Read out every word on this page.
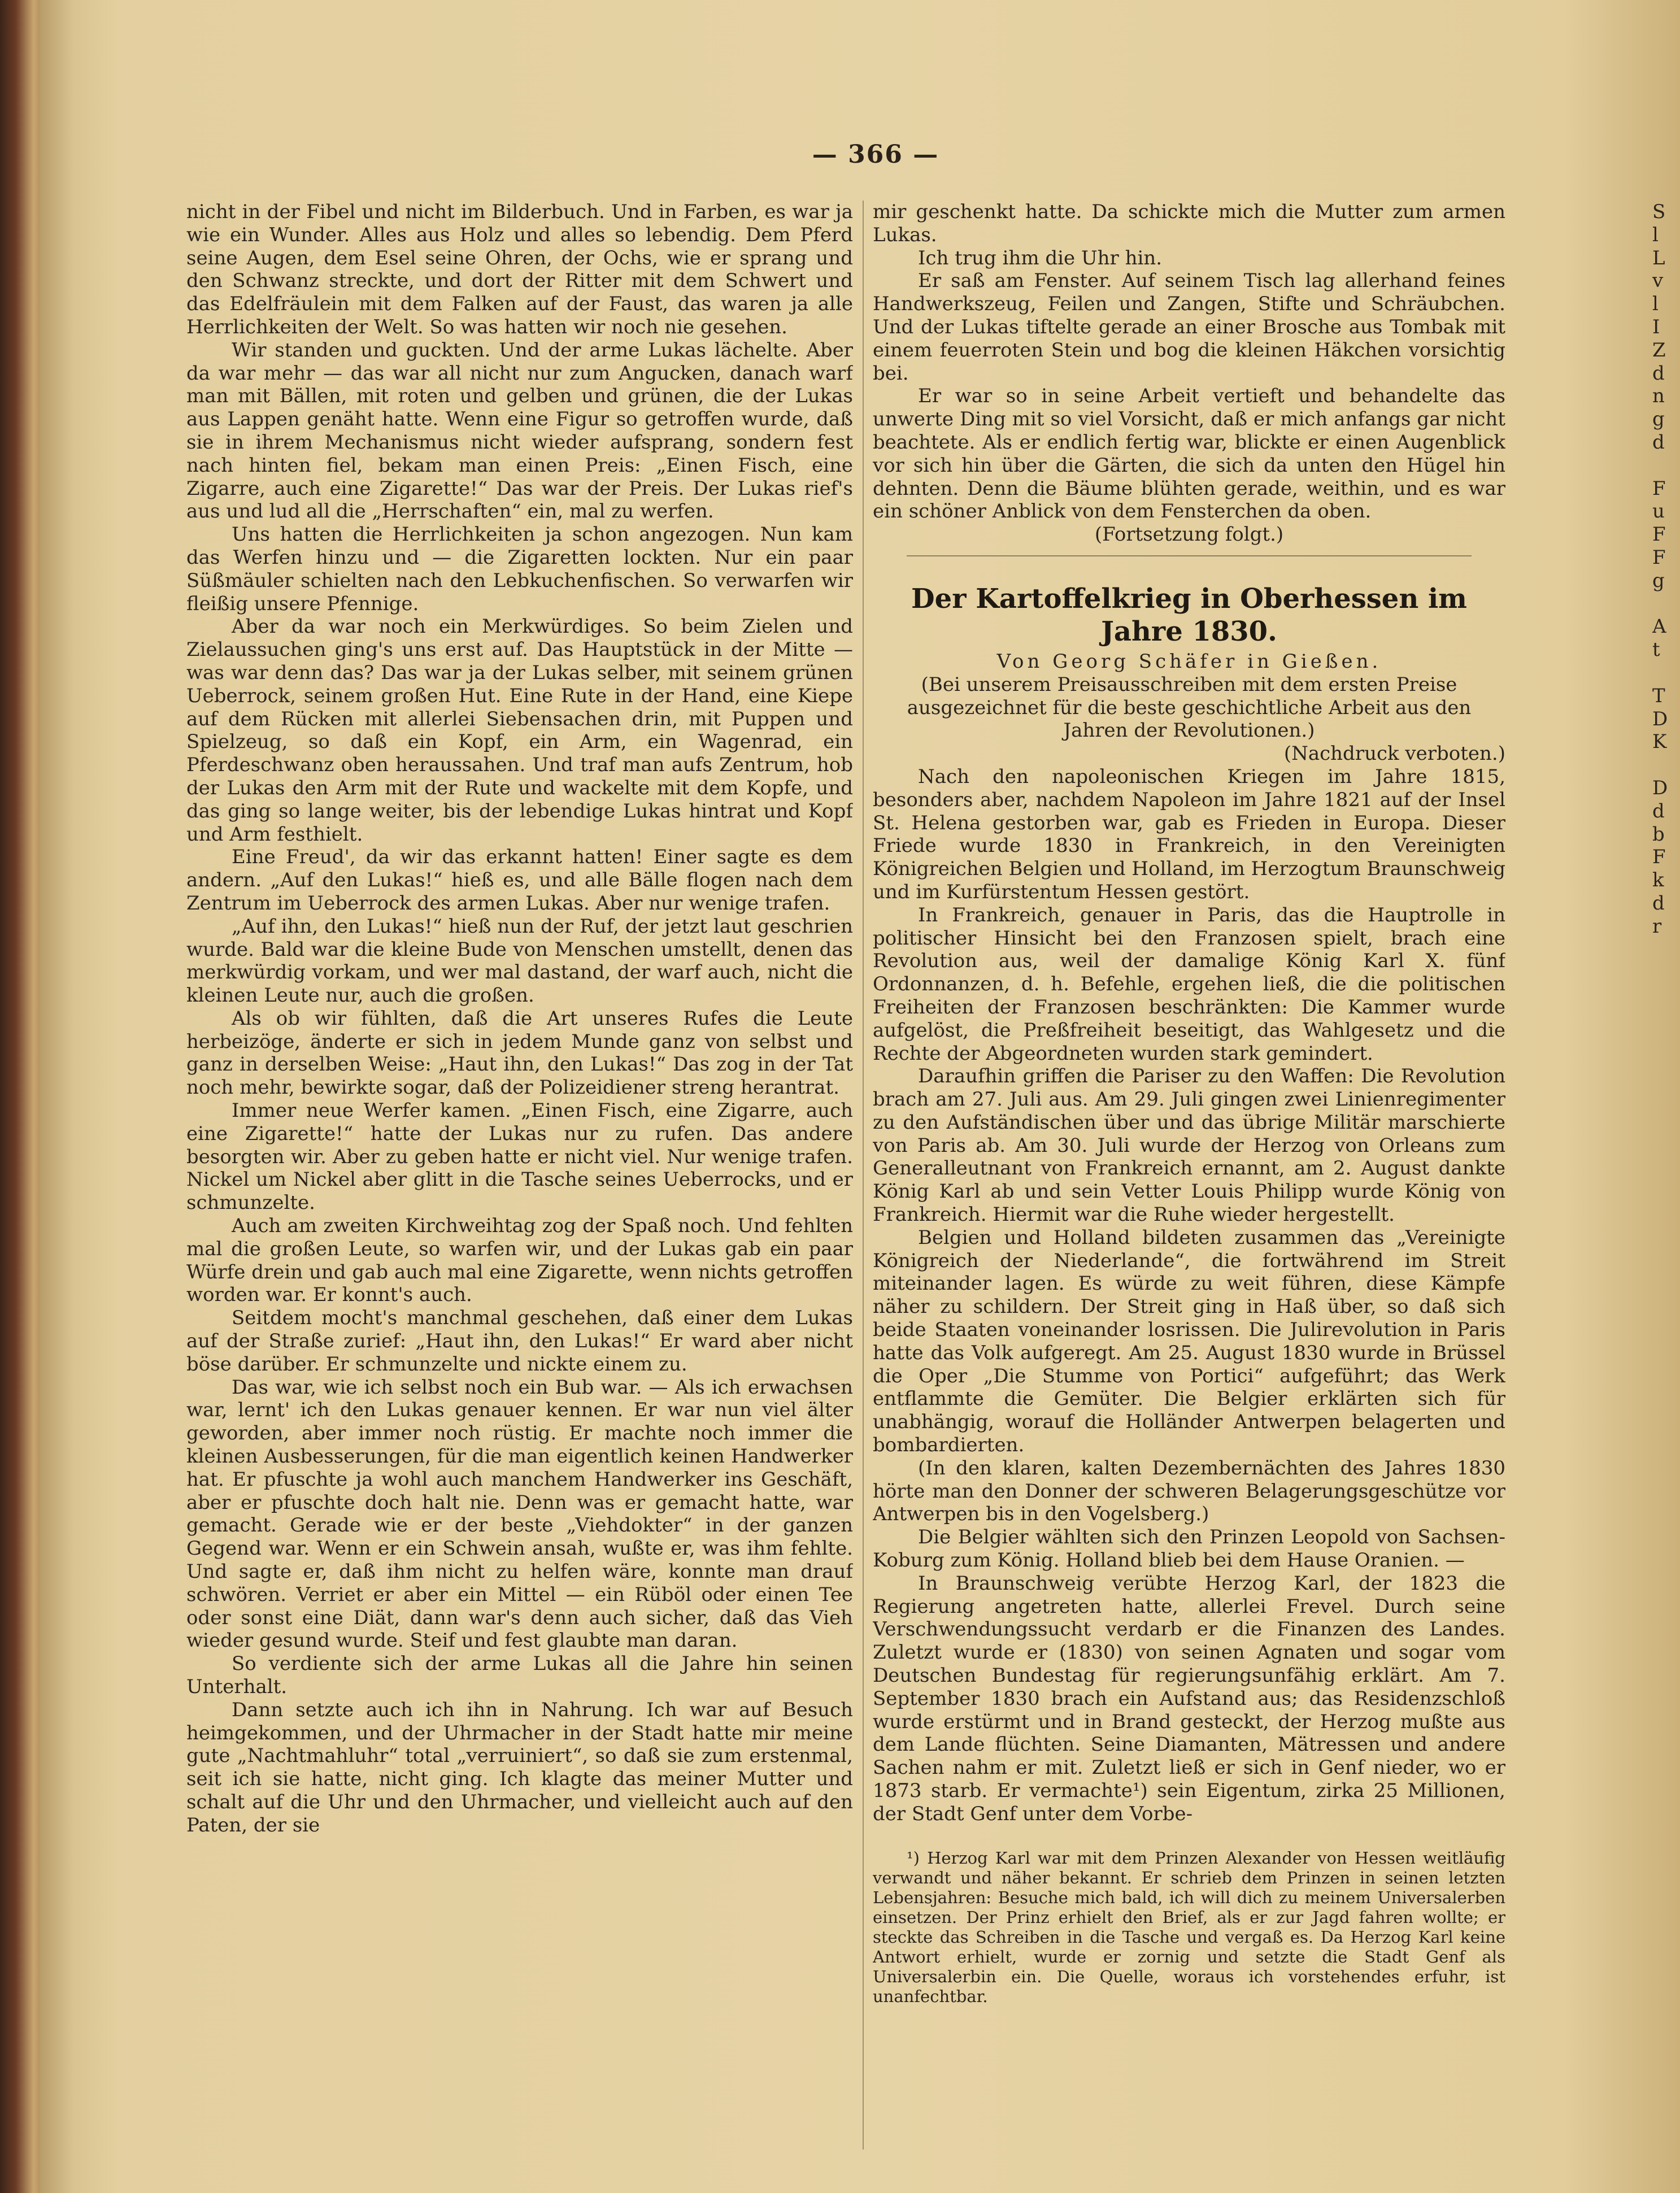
— 366 —

nicht in der Fibel und nicht im Bilderbuch. Und in Farben, es war ja wie ein Wunder. Alles aus Holz und alles so lebendig. Dem Pferd seine Augen, dem Esel seine Ohren, der Ochs, wie er sprang und den Schwanz streckte, und dort der Ritter mit dem Schwert und das Edelfräulein mit dem Falken auf der Faust, das waren ja alle Herrlichkeiten der Welt. So was hatten wir noch nie gesehen.

Wir standen und guckten. Und der arme Lukas lächelte. Aber da war mehr — das war all nicht nur zum Angucken, danach warf man mit Bällen, mit roten und gelben und grünen, die der Lukas aus Lappen genäht hatte. Wenn eine Figur so getroffen wurde, daß sie in ihrem Mechanismus nicht wieder aufsprang, sondern fest nach hinten fiel, bekam man einen Preis: „Einen Fisch, eine Zigarre, auch eine Zigarette!“ Das war der Preis. Der Lukas rief's aus und lud all die „Herrschaften“ ein, mal zu werfen.

Uns hatten die Herrlichkeiten ja schon angezogen. Nun kam das Werfen hinzu und — die Zigaretten lockten. Nur ein paar Süßmäuler schielten nach den Lebkuchenfischen. So verwarfen wir fleißig unsere Pfennige.

Aber da war noch ein Merkwürdiges. So beim Zielen und Zielaussuchen ging's uns erst auf. Das Hauptstück in der Mitte — was war denn das? Das war ja der Lukas selber, mit seinem grünen Ueberrock, seinem großen Hut. Eine Rute in der Hand, eine Kiepe auf dem Rücken mit allerlei Siebensachen drin, mit Puppen und Spielzeug, so daß ein Kopf, ein Arm, ein Wagenrad, ein Pferdeschwanz oben heraussahen. Und traf man aufs Zentrum, hob der Lukas den Arm mit der Rute und wackelte mit dem Kopfe, und das ging so lange weiter, bis der lebendige Lukas hintrat und Kopf und Arm festhielt.

Eine Freud', da wir das erkannt hatten! Einer sagte es dem andern. „Auf den Lukas!“ hieß es, und alle Bälle flogen nach dem Zentrum im Ueberrock des armen Lukas. Aber nur wenige trafen.

„Auf ihn, den Lukas!“ hieß nun der Ruf, der jetzt laut geschrien wurde. Bald war die kleine Bude von Menschen umstellt, denen das merkwürdig vorkam, und wer mal dastand, der warf auch, nicht die kleinen Leute nur, auch die großen.

Als ob wir fühlten, daß die Art unseres Rufes die Leute herbeizöge, änderte er sich in jedem Munde ganz von selbst und ganz in derselben Weise: „Haut ihn, den Lukas!“ Das zog in der Tat noch mehr, bewirkte sogar, daß der Polizeidiener streng herantrat.

Immer neue Werfer kamen. „Einen Fisch, eine Zigarre, auch eine Zigarette!“ hatte der Lukas nur zu rufen. Das andere besorgten wir. Aber zu geben hatte er nicht viel. Nur wenige trafen. Nickel um Nickel aber glitt in die Tasche seines Ueberrocks, und er schmunzelte.

Auch am zweiten Kirchweihtag zog der Spaß noch. Und fehlten mal die großen Leute, so warfen wir, und der Lukas gab ein paar Würfe drein und gab auch mal eine Zigarette, wenn nichts getroffen worden war. Er konnt's auch.

Seitdem mocht's manchmal geschehen, daß einer dem Lukas auf der Straße zurief: „Haut ihn, den Lukas!“ Er ward aber nicht böse darüber. Er schmunzelte und nickte einem zu.

Das war, wie ich selbst noch ein Bub war. — Als ich erwachsen war, lernt' ich den Lukas genauer kennen. Er war nun viel älter geworden, aber immer noch rüstig. Er machte noch immer die kleinen Ausbesserungen, für die man eigentlich keinen Handwerker hat. Er pfuschte ja wohl auch manchem Handwerker ins Geschäft, aber er pfuschte doch halt nie. Denn was er gemacht hatte, war gemacht. Gerade wie er der beste „Viehdokter“ in der ganzen Gegend war. Wenn er ein Schwein ansah, wußte er, was ihm fehlte. Und sagte er, daß ihm nicht zu helfen wäre, konnte man drauf schwören. Verriet er aber ein Mittel — ein Rüböl oder einen Tee oder sonst eine Diät, dann war's denn auch sicher, daß das Vieh wieder gesund wurde. Steif und fest glaubte man daran.

So verdiente sich der arme Lukas all die Jahre hin seinen Unterhalt.

Dann setzte auch ich ihn in Nahrung. Ich war auf Besuch heimgekommen, und der Uhrmacher in der Stadt hatte mir meine gute „Nachtmahluhr“ total „verruiniert“, so daß sie zum erstenmal, seit ich sie hatte, nicht ging. Ich klagte das meiner Mutter und schalt auf die Uhr und den Uhrmacher, und vielleicht auch auf den Paten, der sie

mir geschenkt hatte. Da schickte mich die Mutter zum armen Lukas.

Ich trug ihm die Uhr hin.

Er saß am Fenster. Auf seinem Tisch lag allerhand feines Handwerkszeug, Feilen und Zangen, Stifte und Schräubchen. Und der Lukas tiftelte gerade an einer Brosche aus Tombak mit einem feuerroten Stein und bog die kleinen Häkchen vorsichtig bei.

Er war so in seine Arbeit vertieft und behandelte das unwerte Ding mit so viel Vorsicht, daß er mich anfangs gar nicht beachtete. Als er endlich fertig war, blickte er einen Augenblick vor sich hin über die Gärten, die sich da unten den Hügel hin dehnten. Denn die Bäume blühten gerade, weithin, und es war ein schöner Anblick von dem Fensterchen da oben.

(Fortsetzung folgt.)

Der Kartoffelkrieg in Oberhessen im Jahre 1830.

Von Georg Schäfer in Gießen.

(Bei unserem Preisausschreiben mit dem ersten Preise ausgezeichnet für die beste geschichtliche Arbeit aus den Jahren der Revolutionen.)

(Nachdruck verboten.)

Nach den napoleonischen Kriegen im Jahre 1815, besonders aber, nachdem Napoleon im Jahre 1821 auf der Insel St. Helena gestorben war, gab es Frieden in Europa. Dieser Friede wurde 1830 in Frankreich, in den Vereinigten Königreichen Belgien und Holland, im Herzogtum Braunschweig und im Kurfürstentum Hessen gestört.

In Frankreich, genauer in Paris, das die Hauptrolle in politischer Hinsicht bei den Franzosen spielt, brach eine Revolution aus, weil der damalige König Karl X. fünf Ordonnanzen, d. h. Befehle, ergehen ließ, die die politischen Freiheiten der Franzosen beschränkten: Die Kammer wurde aufgelöst, die Preßfreiheit beseitigt, das Wahlgesetz und die Rechte der Abgeordneten wurden stark gemindert.

Daraufhin griffen die Pariser zu den Waffen: Die Revolution brach am 27. Juli aus. Am 29. Juli gingen zwei Linienregimenter zu den Aufständischen über und das übrige Militär marschierte von Paris ab. Am 30. Juli wurde der Herzog von Orleans zum Generalleutnant von Frankreich ernannt, am 2. August dankte König Karl ab und sein Vetter Louis Philipp wurde König von Frankreich. Hiermit war die Ruhe wieder hergestellt.

Belgien und Holland bildeten zusammen das „Vereinigte Königreich der Niederlande“, die fortwährend im Streit miteinander lagen. Es würde zu weit führen, diese Kämpfe näher zu schildern. Der Streit ging in Haß über, so daß sich beide Staaten voneinander losrissen. Die Julirevolution in Paris hatte das Volk aufgeregt. Am 25. August 1830 wurde in Brüssel die Oper „Die Stumme von Portici“ aufgeführt; das Werk entflammte die Gemüter. Die Belgier erklärten sich für unabhängig, worauf die Holländer Antwerpen belagerten und bombardierten.

(In den klaren, kalten Dezembernächten des Jahres 1830 hörte man den Donner der schweren Belagerungsgeschütze vor Antwerpen bis in den Vogelsberg.)

Die Belgier wählten sich den Prinzen Leopold von Sachsen-Koburg zum König. Holland blieb bei dem Hause Oranien. —

In Braunschweig verübte Herzog Karl, der 1823 die Regierung angetreten hatte, allerlei Frevel. Durch seine Verschwendungssucht verdarb er die Finanzen des Landes. Zuletzt wurde er (1830) von seinen Agnaten und sogar vom Deutschen Bundestag für regierungsunfähig erklärt. Am 7. September 1830 brach ein Aufstand aus; das Residenzschloß wurde erstürmt und in Brand gesteckt, der Herzog mußte aus dem Lande flüchten. Seine Diamanten, Mätressen und andere Sachen nahm er mit. Zuletzt ließ er sich in Genf nieder, wo er 1873 starb. Er vermachte¹) sein Eigentum, zirka 25 Millionen, der Stadt Genf unter dem Vorbe-

¹) Herzog Karl war mit dem Prinzen Alexander von Hessen weitläufig verwandt und näher bekannt. Er schrieb dem Prinzen in seinen letzten Lebensjahren: Besuche mich bald, ich will dich zu meinem Universalerben einsetzen. Der Prinz erhielt den Brief, als er zur Jagd fahren wollte; er steckte das Schreiben in die Tasche und vergaß es. Da Herzog Karl keine Antwort erhielt, wurde er zornig und setzte die Stadt Genf als Universalerbin ein. Die Quelle, woraus ich vorstehendes erfuhr, ist unanfechtbar.

S
l
L
v
l
I
Z
d
n
g
d

F
u
F
F
g

A
t

T
D
K

D
d
b
F
k
d
r
